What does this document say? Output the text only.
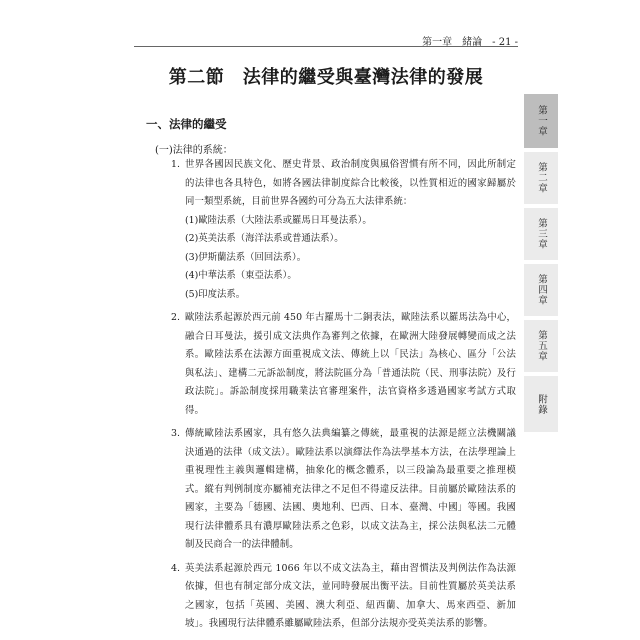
第一章 緒論 - 21 -
第二節　法律的繼受與臺灣法律的發展
一、法律的繼受
(一)法律的系統：
1. 世界各國因民族文化、歷史背景、政治制度與風俗習慣有所不同，因此所制定的法律也各具特色，如將各國法律制度綜合比較後，以性質相近的國家歸屬於同一類型系統，目前世界各國約可分為五大法律系統：
(1)歐陸法系（大陸法系或羅馬日耳曼法系）。
(2)英美法系（海洋法系或普通法系）。
(3)伊斯蘭法系（回回法系）。
(4)中華法系（東亞法系）。
(5)印度法系。
2. 歐陸法系起源於西元前 450 年古羅馬十二銅表法，歐陸法系以羅馬法為中心，融合日耳曼法，援引成文法典作為審判之依據，在歐洲大陸發展轉變而成之法系。歐陸法系在法源方面重視成文法、傳統上以「民法」為核心、區分「公法與私法」、建構二元訴訟制度，將法院區分為「普通法院（民、刑事法院）及行政法院」。訴訟制度採用職業法官審理案件，法官資格多透過國家考試方式取得。
3. 傳統歐陸法系國家，具有悠久法典編纂之傳統，最重視的法源是經立法機關議決通過的法律（成文法）。歐陸法系以演繹法作為法學基本方法，在法學理論上重視理性主義與邏輯建構，抽象化的概念體系，以三段論為最重要之推理模式。縱有判例制度亦屬補充法律之不足但不得違反法律。目前屬於歐陸法系的國家，主要為「德國、法國、奧地利、巴西、日本、臺灣、中國」等國。我國現行法律體系具有濃厚歐陸法系之色彩，以成文法為主，採公法與私法二元體制及民商合一的法律體制。
4. 英美法系起源於西元 1066 年以不成文法為主，藉由習慣法及判例法作為法源依據，但也有制定部分成文法，並同時發展出衡平法。目前性質屬於英美法系之國家，包括「英國、美國、澳大利亞、紐西蘭、加拿大、馬來西亞、新加坡」。我國現行法律體系雖屬歐陸法系，但部分法規亦受英美法系的影響。
第一章
第二章
第三章
第四章
第五章
附錄
